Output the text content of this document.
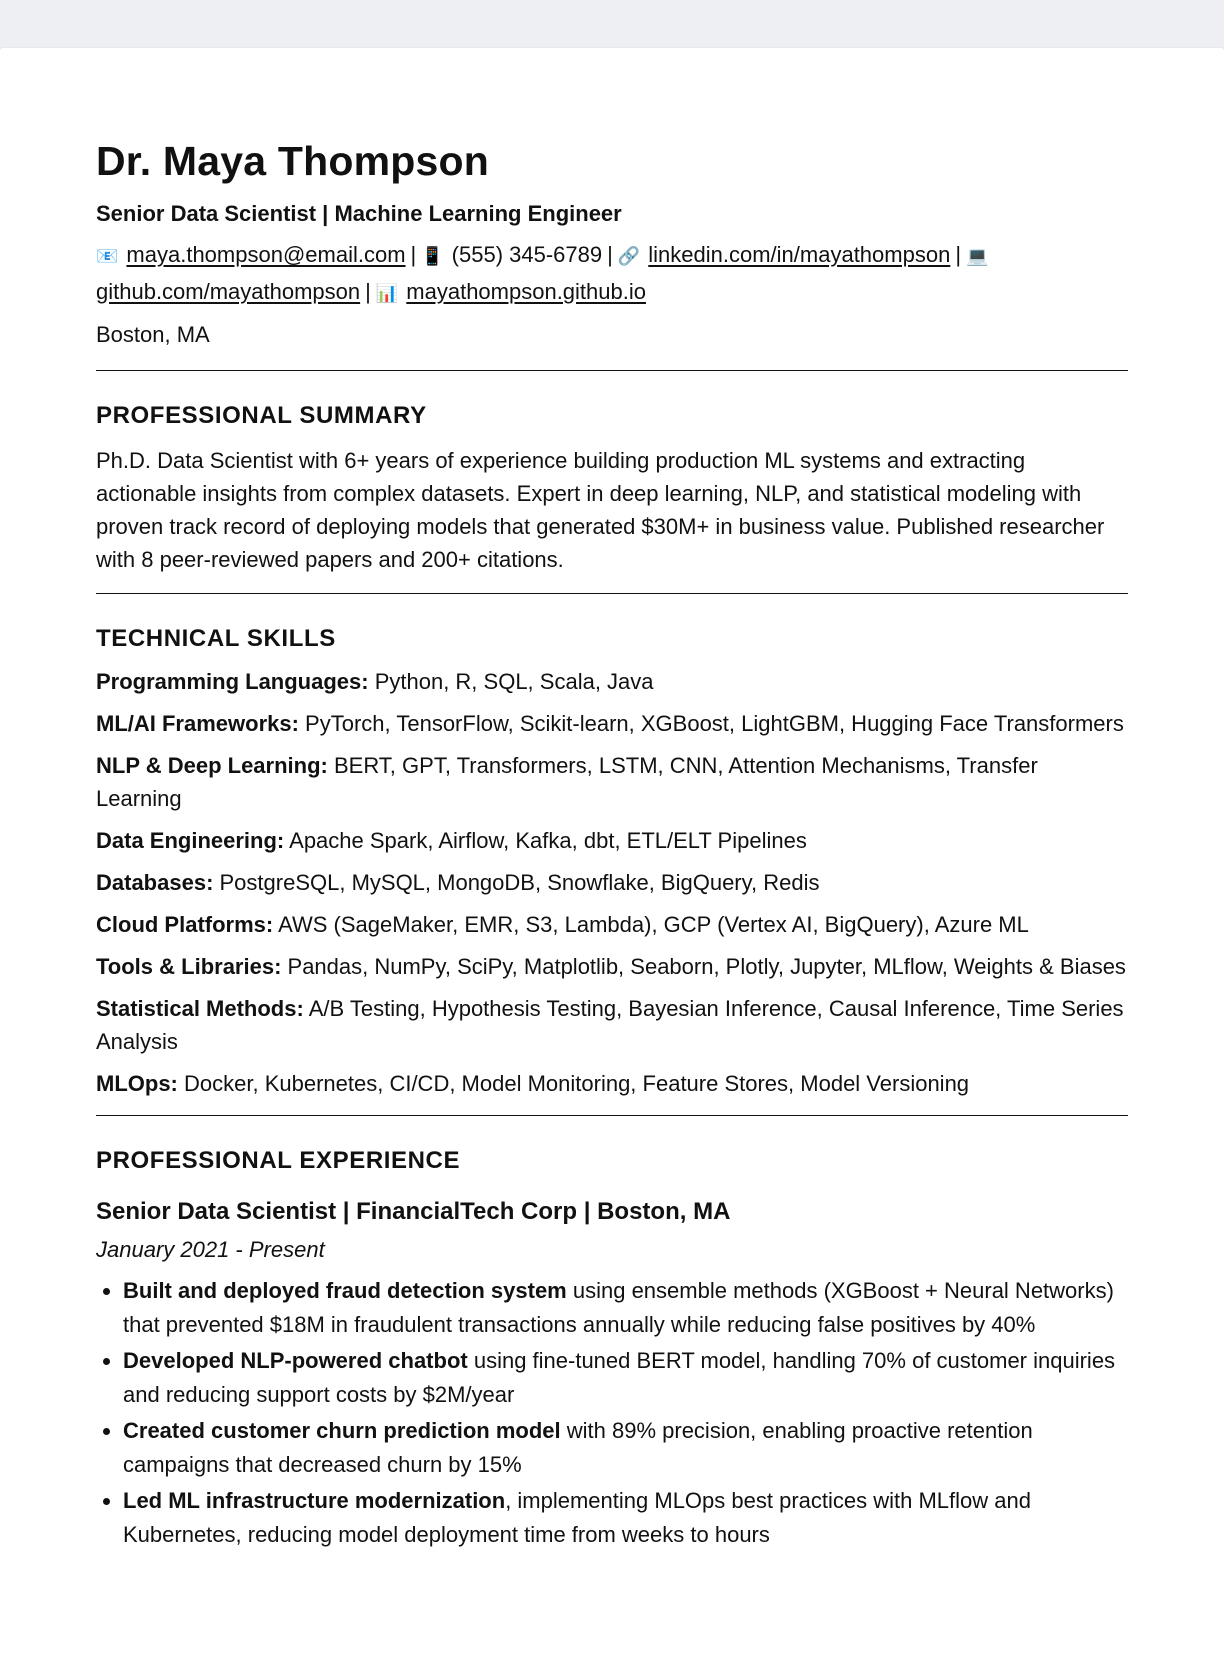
Dr. Maya Thompson
Senior Data Scientist | Machine Learning Engineer
📧 maya.thompson@email.com | 📱 (555) 345-6789 | 🔗 linkedin.com/in/mayathompson | 💻
github.com/mayathompson | 📊 mayathompson.github.io
Boston, MA
PROFESSIONAL SUMMARY
Ph.D. Data Scientist with 6+ years of experience building production ML systems and extracting actionable insights from complex datasets. Expert in deep learning, NLP, and statistical modeling with proven track record of deploying models that generated $30M+ in business value. Published researcher with 8 peer-reviewed papers and 200+ citations.
TECHNICAL SKILLS
Programming Languages: Python, R, SQL, Scala, Java
ML/AI Frameworks: PyTorch, TensorFlow, Scikit-learn, XGBoost, LightGBM, Hugging Face Transformers
NLP & Deep Learning: BERT, GPT, Transformers, LSTM, CNN, Attention Mechanisms, Transfer Learning
Data Engineering: Apache Spark, Airflow, Kafka, dbt, ETL/ELT Pipelines
Databases: PostgreSQL, MySQL, MongoDB, Snowflake, BigQuery, Redis
Cloud Platforms: AWS (SageMaker, EMR, S3, Lambda), GCP (Vertex AI, BigQuery), Azure ML
Tools & Libraries: Pandas, NumPy, SciPy, Matplotlib, Seaborn, Plotly, Jupyter, MLflow, Weights & Biases
Statistical Methods: A/B Testing, Hypothesis Testing, Bayesian Inference, Causal Inference, Time Series Analysis
MLOps: Docker, Kubernetes, CI/CD, Model Monitoring, Feature Stores, Model Versioning
PROFESSIONAL EXPERIENCE
Senior Data Scientist | FinancialTech Corp | Boston, MA
January 2021 - Present
• Built and deployed fraud detection system using ensemble methods (XGBoost + Neural Networks) that prevented $18M in fraudulent transactions annually while reducing false positives by 40%
• Developed NLP-powered chatbot using fine-tuned BERT model, handling 70% of customer inquiries and reducing support costs by $2M/year
• Created customer churn prediction model with 89% precision, enabling proactive retention campaigns that decreased churn by 15%
• Led ML infrastructure modernization, implementing MLOps best practices with MLflow and Kubernetes, reducing model deployment time from weeks to hours
